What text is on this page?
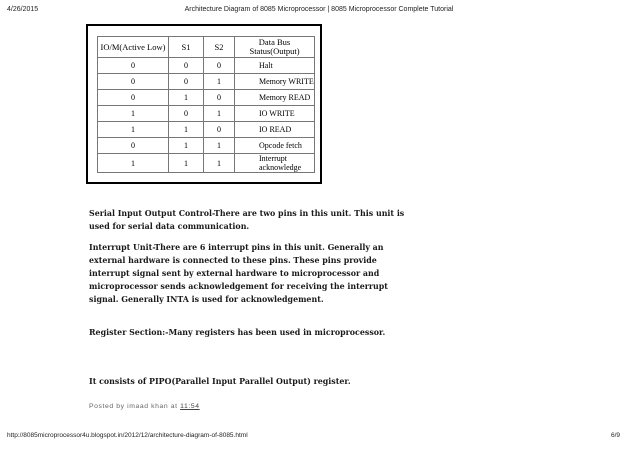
4/26/2015	Architecture Diagram of 8085 Microprocessor | 8085 Microprocessor Complete Tutorial
IO/M(Active Low)	S1	S2	Data Bus Status(Output)
0	0	0	Halt
0	0	1	Memory WRITE
0	1	0	Memory READ
1	0	1	IO WRITE
1	1	0	IO READ
0	1	1	Opcode fetch
1	1	1	Interrupt acknowledge
Serial Input Output Control-There are two pins in this unit. This unit is
used for serial data communication.
Interrupt Unit-There are 6 interrupt pins in this unit. Generally an
external hardware is connected to these pins. These pins provide
interrupt signal sent by external hardware to microprocessor and
microprocessor sends acknowledgement for receiving the interrupt
signal. Generally INTA is used for acknowledgement.
Register Section:-Many registers has been used in microprocessor.
It consists of PIPO(Parallel Input Parallel Output) register.
Posted by imaad khan at 11:54
http://8085microprocessor4u.blogspot.in/2012/12/architecture-diagram-of-8085.html	6/9
